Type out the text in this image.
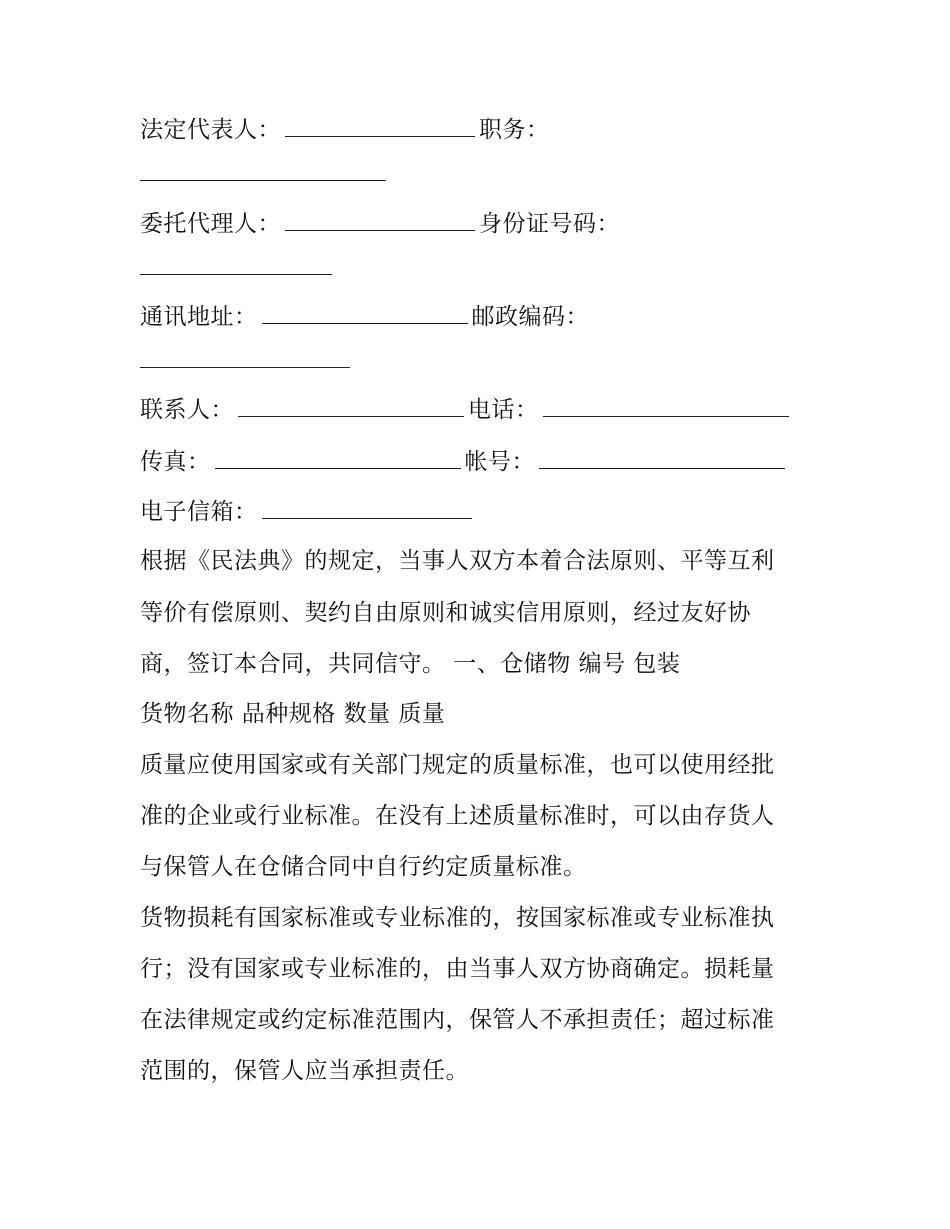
法定代表人：	职务：
委托代理人：	身份证号码：
通讯地址：	邮政编码：
联系人：	电话：
传真：	帐号：
电子信箱：
根据《民法典》的规定，当事人双方本着合法原则、平等互利
等价有偿原则、契约自由原则和诚实信用原则，经过友好协
商，签订本合同，共同信守。 一、仓储物 编号 包装
货物名称 品种规格 数量 质量
质量应使用国家或有关部门规定的质量标准，也可以使用经批
准的企业或行业标准。在没有上述质量标准时，可以由存货人
与保管人在仓储合同中自行约定质量标准。
货物损耗有国家标准或专业标准的，按国家标准或专业标准执
行；没有国家或专业标准的，由当事人双方协商确定。损耗量
在法律规定或约定标准范围内，保管人不承担责任；超过标准
范围的，保管人应当承担责任。
